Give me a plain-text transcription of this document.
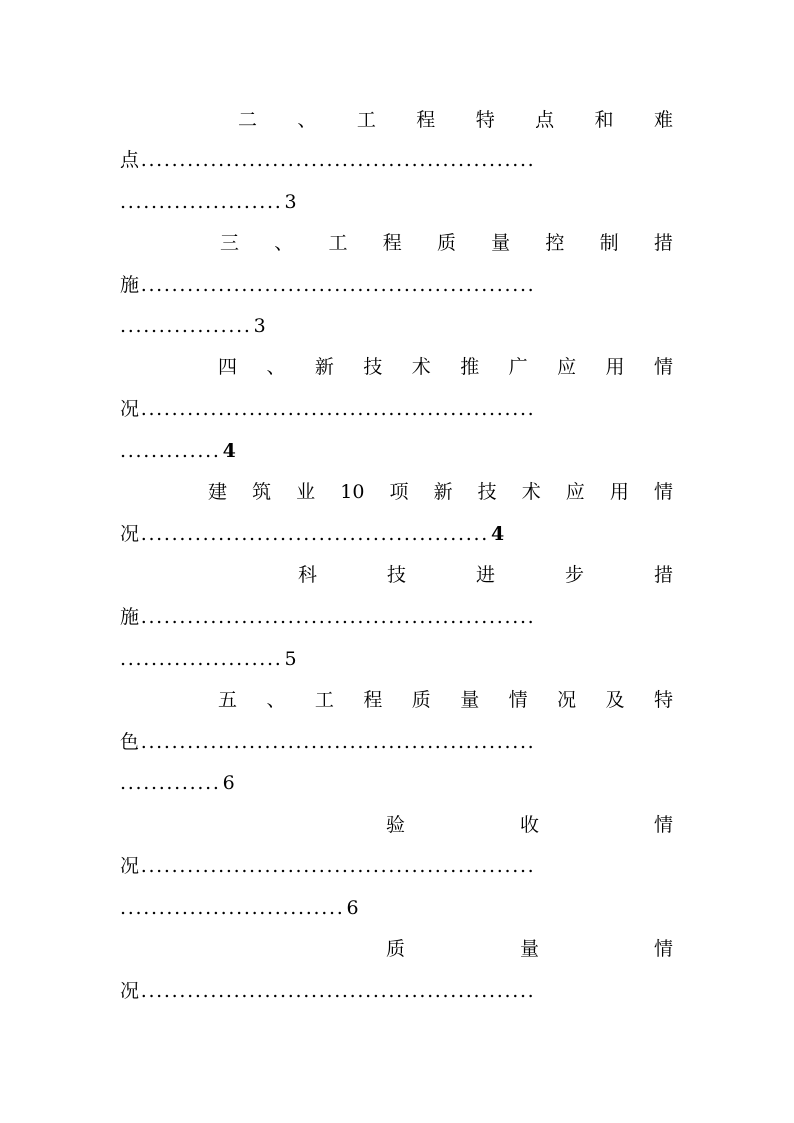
二 、 工 程 特 点 和 难
点...................................................
..................... 3
三 、 工 程 质 量 控 制 措
施...................................................
................. 3
四 、 新 技 术 推 广 应 用 情
况...................................................
............. 4
建 筑 业 10 项 新 技 术 应 用 情
况............................................. 4
科	技	进	步	措
施...................................................
..................... 5
五 、 工 程 质 量 情 况 及 特
色...................................................
............. 6
验	收	情
况...................................................
............................. 6
质	量	情
况...................................................
